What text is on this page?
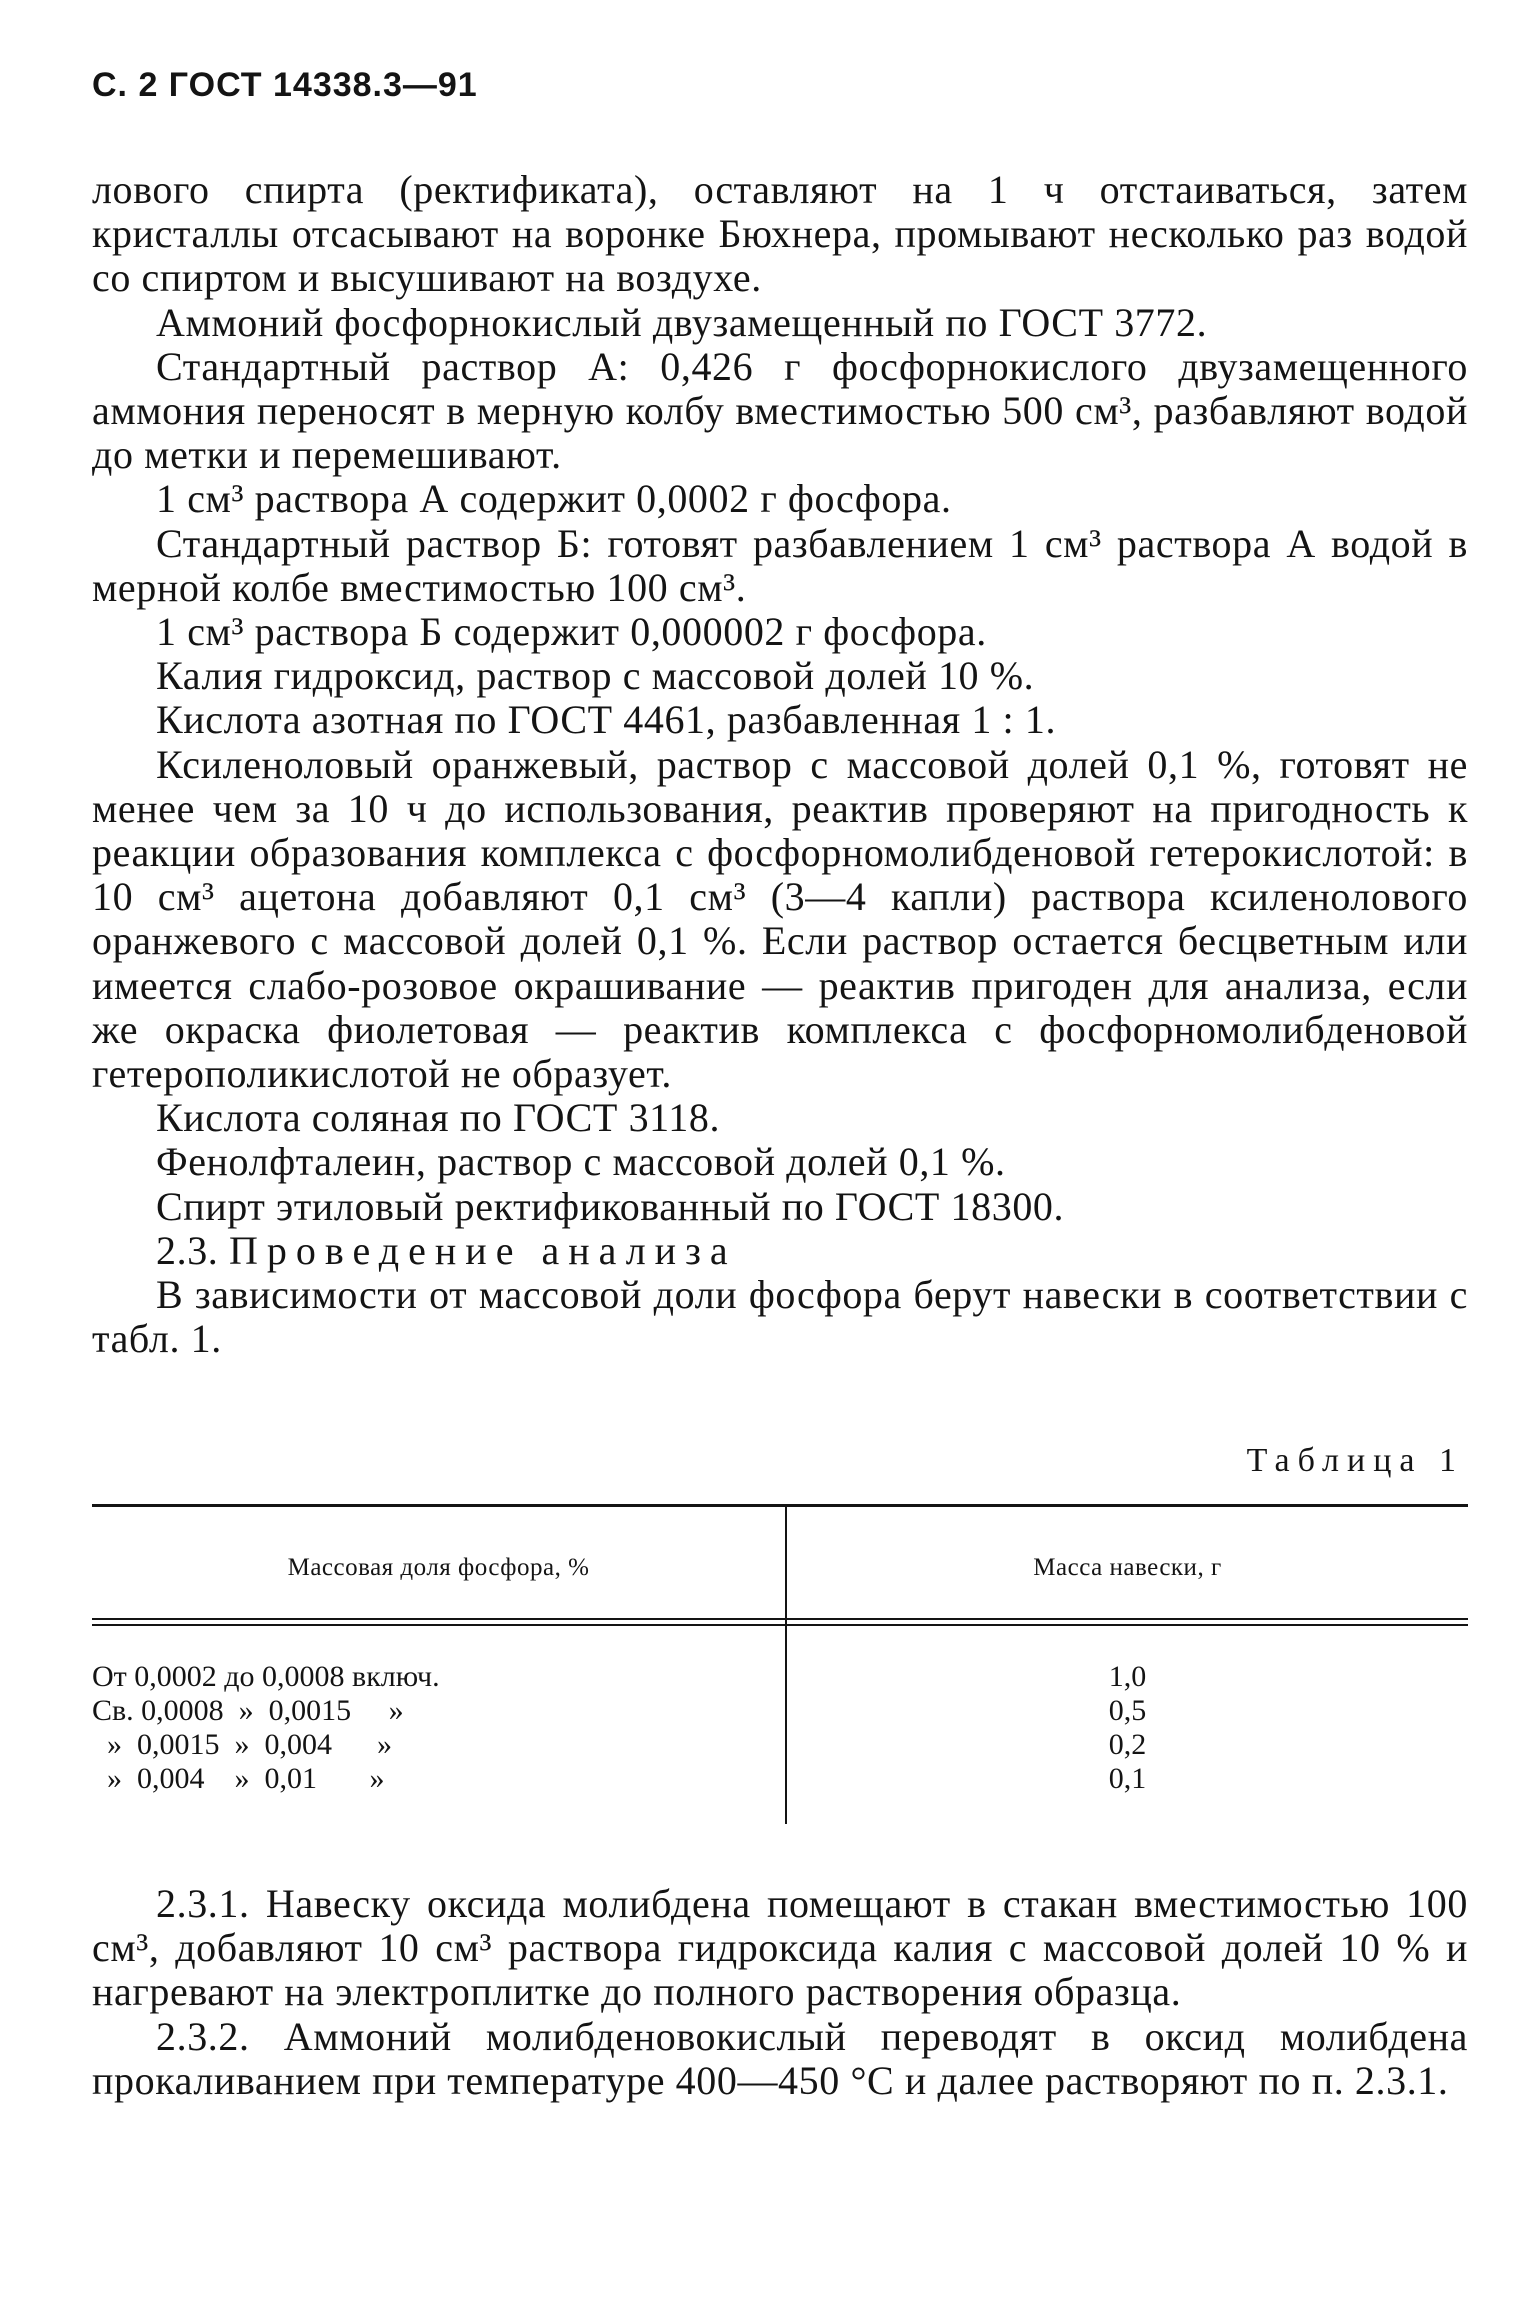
С. 2 ГОСТ 14338.3—91

лового спирта (ректификата), оставляют на 1 ч отстаиваться, затем кристаллы отсасывают на воронке Бюхнера, промывают несколько раз водой со спиртом и высушивают на воздухе.

Аммоний фосфорнокислый двузамещенный по ГОСТ 3772.

Стандартный раствор А: 0,426 г фосфорнокислого двузамещенного аммония переносят в мерную колбу вместимостью 500 см³, разбавляют водой до метки и перемешивают.

1 см³ раствора А содержит 0,0002 г фосфора.

Стандартный раствор Б: готовят разбавлением 1 см³ раствора А водой в мерной колбе вместимостью 100 см³.

1 см³ раствора Б содержит 0,000002 г фосфора.

Калия гидроксид, раствор с массовой долей 10 %.

Кислота азотная по ГОСТ 4461, разбавленная 1 : 1.

Ксиленоловый оранжевый, раствор с массовой долей 0,1 %, готовят не менее чем за 10 ч до использования, реактив проверяют на пригодность к реакции образования комплекса с фосфорномолибденовой гетерокислотой: в 10 см³ ацетона добавляют 0,1 см³ (3—4 капли) раствора ксиленолового оранжевого с массовой долей 0,1 %. Если раствор остается бесцветным или имеется слабо-розовое окрашивание — реактив пригоден для анализа, если же окраска фиолетовая — реактив комплекса с фосфорномолибденовой гетерополикислотой не образует.

Кислота соляная по ГОСТ 3118.

Фенолфталеин, раствор с массовой долей 0,1 %.

Спирт этиловый ректификованный по ГОСТ 18300.

2.3. Проведение анализа

В зависимости от массовой доли фосфора берут навески в соответствии с табл. 1.

Таблица 1
Массовая доля фосфора, %	Масса навески, г
От 0,0002 до 0,0008 включ.
Св. 0,0008  »  0,0015     »
»  0,0015  »  0,004      »
»  0,004    »  0,01       »
1,0
0,5
0,2
0,1

2.3.1. Навеску оксида молибдена помещают в стакан вместимостью 100 см³, добавляют 10 см³ раствора гидроксида калия с массовой долей 10 % и нагревают на электроплитке до полного растворения образца.

2.3.2. Аммоний молибденовокислый переводят в оксид молибдена прокаливанием при температуре 400—450 °С и далее растворяют по п. 2.3.1.
